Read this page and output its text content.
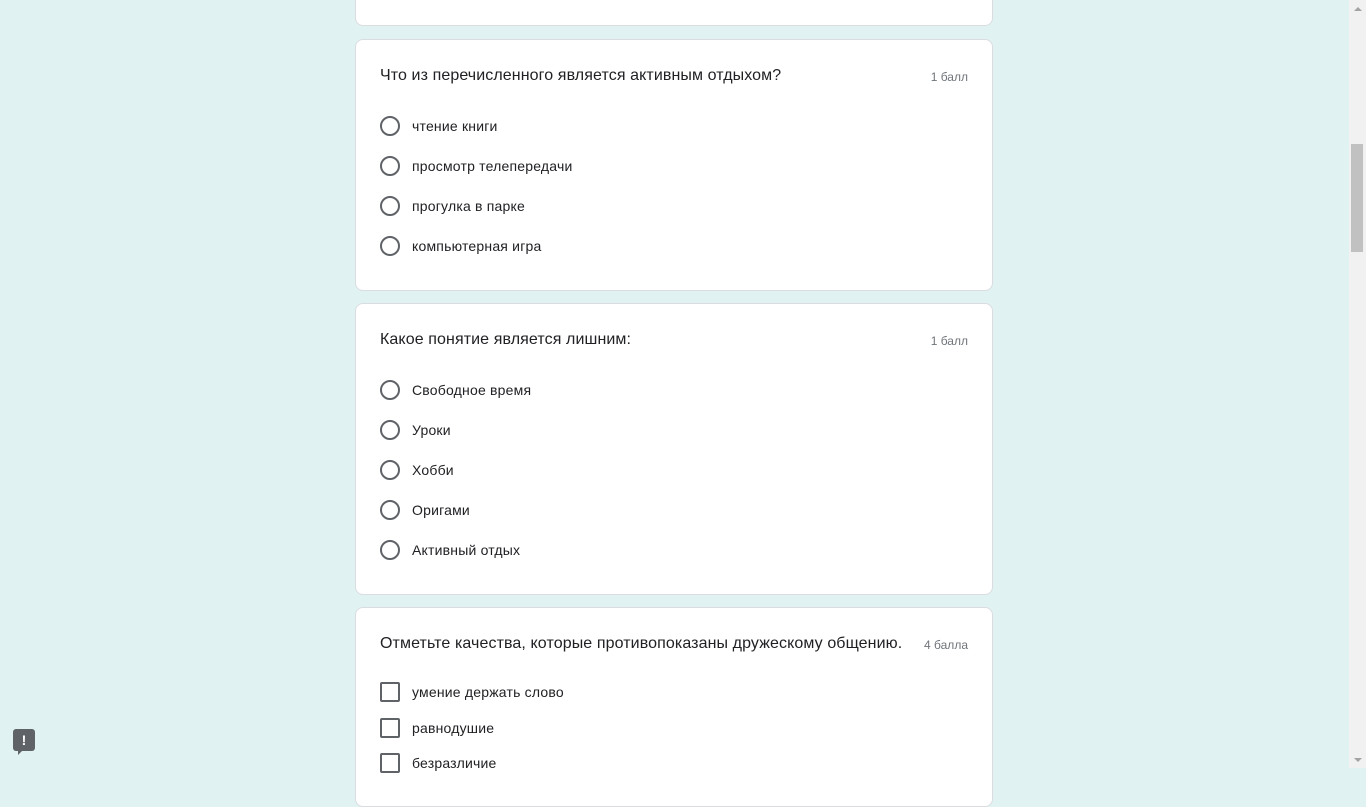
Что из перечисленного является активным отдыхом?	1 балл
чтение книги
просмотр телепередачи
прогулка в парке
компьютерная игра
Какое понятие является лишним:	1 балл
Свободное время
Уроки
Хобби
Оригами
Активный отдых
Отметьте качества, которые противопоказаны дружескому общению. 4 балла
умение держать слово
равнодушие
безразличие
!
